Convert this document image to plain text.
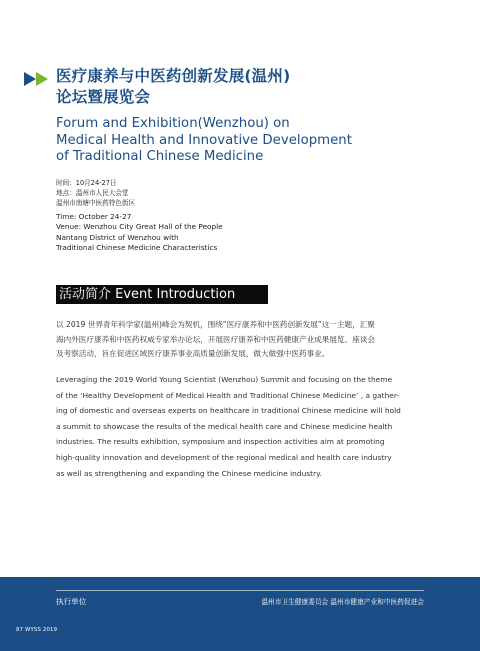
医疗康养与中医药创新发展(温州)
论坛暨展览会
Forum and Exhibition(Wenzhou) on
Medical Health and Innovative Development
of Traditional Chinese Medicine
时间：10月24-27日
地点：温州市人民大会堂
温州市南塘中医药特色街区
Time: October 24-27
Venue: Wenzhou City Great Hall of the People
Nantang District of Wenzhou with
Traditional Chinese Medicine Characteristics
活动简介 Event Introduction
以 2019 世界青年科学家(温州)峰会为契机，围绕“医疗康养和中医药创新发展”这一主题，汇聚
海内外医疗康养和中医药权威专家举办论坛，开展医疗康养和中医药健康产业成果展览、座谈会
及考察活动，旨在促进区域医疗康养事业高质量创新发展，做大做强中医药事业。
Leveraging the 2019 World Young Scientist (Wenzhou) Summit and focusing on the theme
of the ‘Healthy Development of Medical Health and Traditional Chinese Medicine’ , a gather-
ing of domestic and overseas experts on healthcare in traditional Chinese medicine will hold
a summit to showcase the results of the medical health care and Chinese medicine health
industries. The results exhibition, symposium and inspection activities aim at promoting
high-quality innovation and development of the regional medical and health care industry
as well as strengthening and expanding the Chinese medicine industry.
执行单位	温州市卫生健康委员会 温州市健康产业和中医药促进会
87 WYSS 2019
